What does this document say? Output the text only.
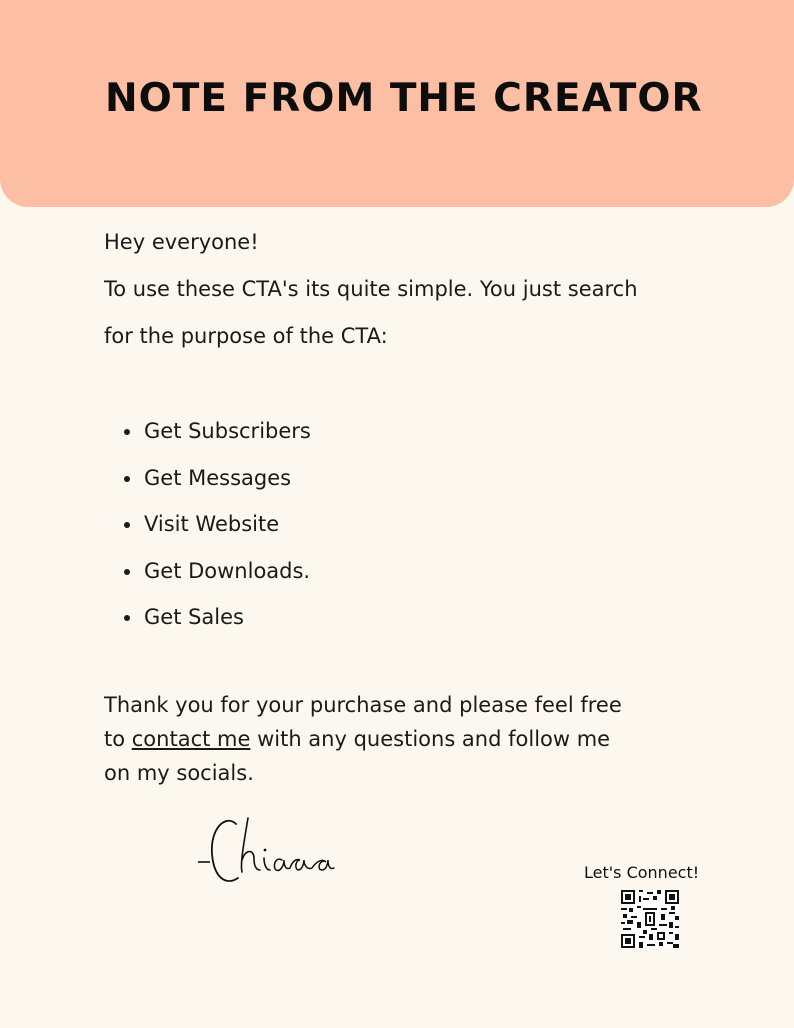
NOTE FROM THE CREATOR

Hey everyone!

To use these CTA's its quite simple. You just search

for the purpose of the CTA:

Get Subscribers
Get Messages
Visit Website
Get Downloads.
Get Sales

Thank you for your purchase and please feel free

to contact me with any questions and follow me

on my socials.

Let's Connect!
